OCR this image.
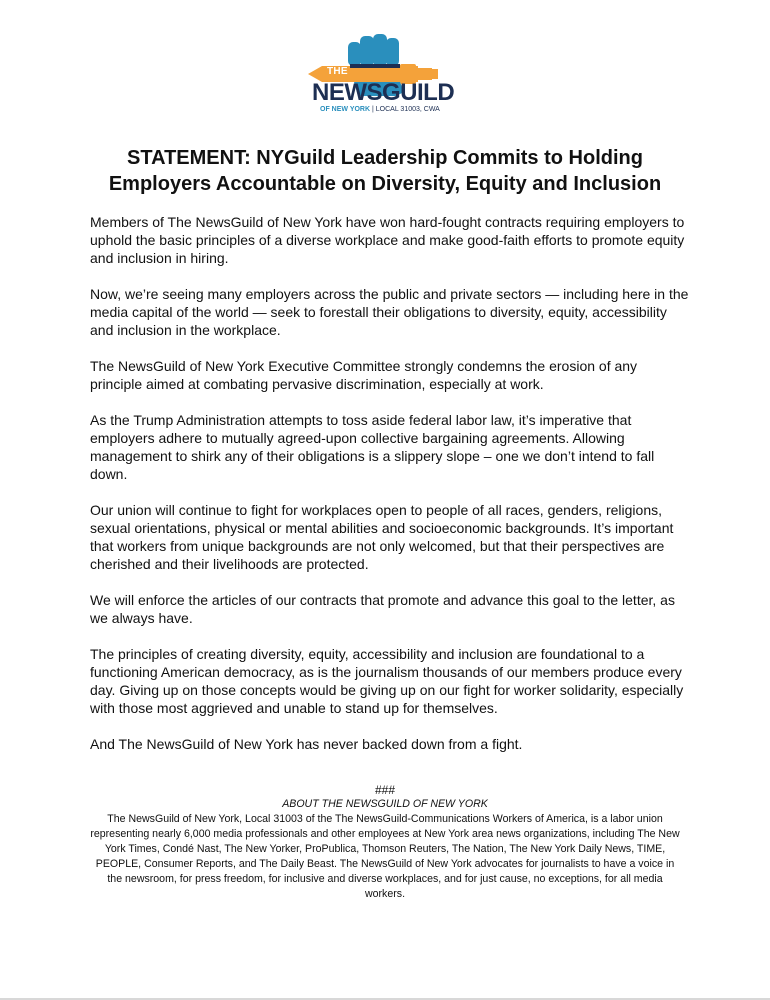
THE
NEWSGUILD
OF NEW YORK | LOCAL 31003, CWA
STATEMENT: NYGuild Leadership Commits to Holding
Employers Accountable on Diversity, Equity and Inclusion

Members of The NewsGuild of New York have won hard-fought contracts requiring employers to uphold the basic principles of a diverse workplace and make good-faith efforts to promote equity and inclusion in hiring.

Now, we’re seeing many employers across the public and private sectors — including here in the media capital of the world — seek to forestall their obligations to diversity, equity, accessibility and inclusion in the workplace.

The NewsGuild of New York Executive Committee strongly condemns the erosion of any principle aimed at combating pervasive discrimination, especially at work.

As the Trump Administration attempts to toss aside federal labor law, it’s imperative that employers adhere to mutually agreed-upon collective bargaining agreements. Allowing management to shirk any of their obligations is a slippery slope – one we don’t intend to fall down.

Our union will continue to fight for workplaces open to people of all races, genders, religions, sexual orientations, physical or mental abilities and socioeconomic backgrounds. It’s important that workers from unique backgrounds are not only welcomed, but that their perspectives are cherished and their livelihoods are protected.

We will enforce the articles of our contracts that promote and advance this goal to the letter, as we always have.

The principles of creating diversity, equity, accessibility and inclusion are foundational to a functioning American democracy, as is the journalism thousands of our members produce every day. Giving up on those concepts would be giving up on our fight for worker solidarity, especially with those most aggrieved and unable to stand up for themselves.

And The NewsGuild of New York has never backed down from a fight.

###
ABOUT THE NEWSGUILD OF NEW YORK

The NewsGuild of New York, Local 31003 of the The NewsGuild-Communications Workers of America, is a labor union representing nearly 6,000 media professionals and other employees at New York area news organizations, including The New York Times, Condé Nast, The New Yorker, ProPublica, Thomson Reuters, The Nation, The New York Daily News, TIME, PEOPLE, Consumer Reports, and The Daily Beast. The NewsGuild of New York advocates for journalists to have a voice in the newsroom, for press freedom, for inclusive and diverse workplaces, and for just cause, no exceptions, for all media workers.
